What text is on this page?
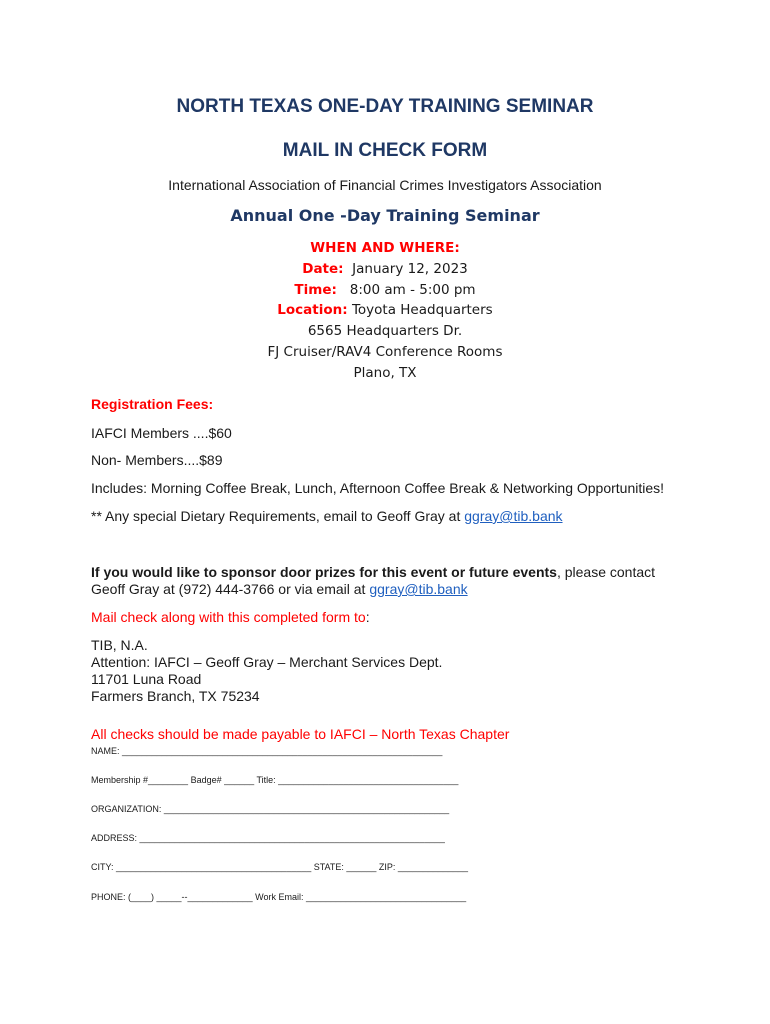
NORTH TEXAS ONE-DAY TRAINING SEMINAR
MAIL IN CHECK FORM
International Association of Financial Crimes Investigators Association
Annual One -Day Training Seminar
WHEN AND WHERE:
Date: January 12, 2023
Time: 8:00 am - 5:00 pm
Location: Toyota Headquarters
6565 Headquarters Dr.
FJ Cruiser/RAV4 Conference Rooms
Plano, TX
Registration Fees:
IAFCI Members ....$60
Non- Members....$89
Includes: Morning Coffee Break, Lunch, Afternoon Coffee Break & Networking Opportunities!
** Any special Dietary Requirements, email to Geoff Gray at ggray@tib.bank
If you would like to sponsor door prizes for this event or future events, please contact Geoff Gray at (972) 444-3766 or via email at ggray@tib.bank
Mail check along with this completed form to:
TIB, N.A.
Attention: IAFCI – Geoff Gray – Merchant Services Dept.
11701 Luna Road
Farmers Branch, TX 75234
All checks should be made payable to IAFCI – North Texas Chapter
NAME: ________________________________________________________________
Membership #________ Badge# ______ Title: ____________________________________
ORGANIZATION: _________________________________________________________
ADDRESS: _____________________________________________________________
CITY: _______________________________________ STATE: ______ ZIP: ______________
PHONE: (____) _____--_____________ Work Email: ________________________________
